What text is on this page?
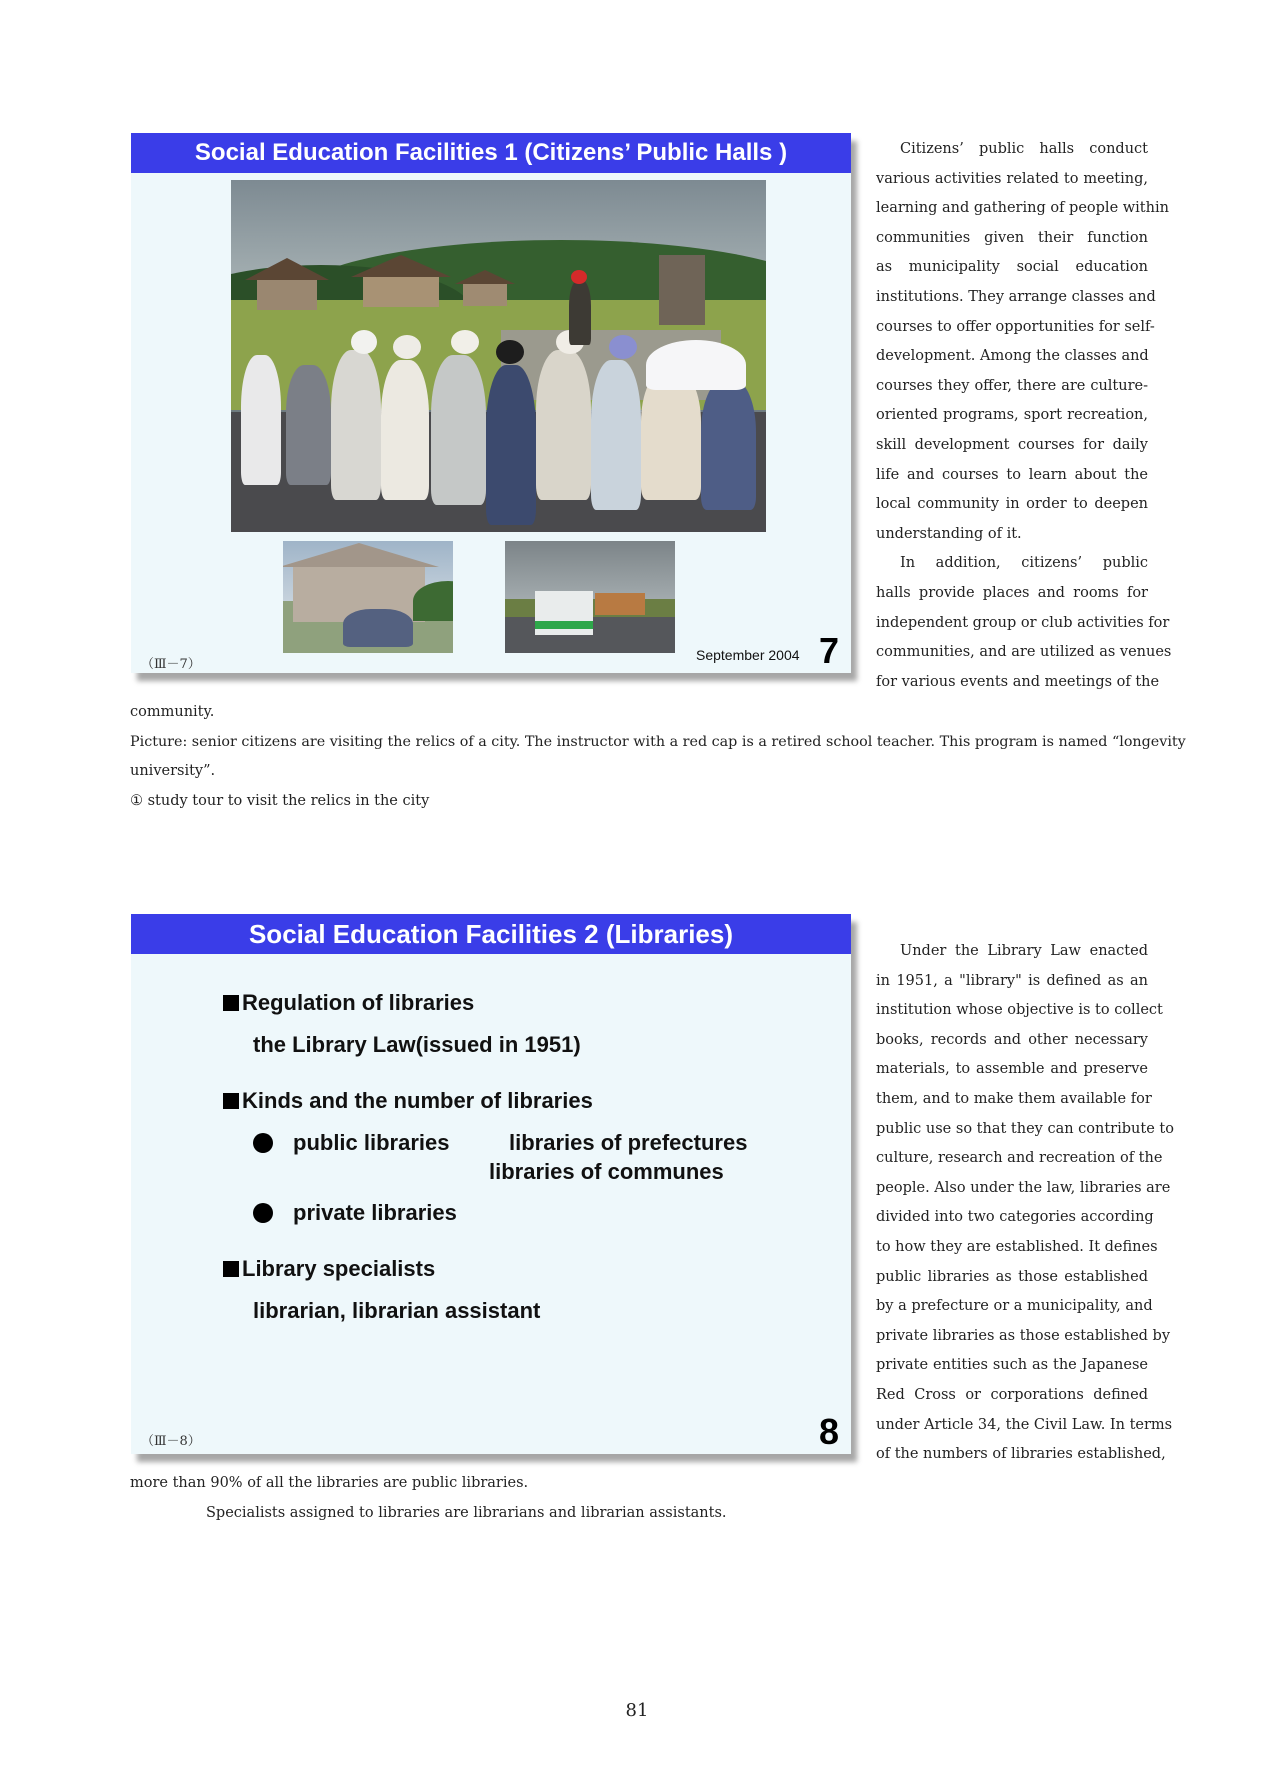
Social Education Facilities 1 (Citizens’ Public Halls )
（Ⅲ－7）
September 2004 7
Citizens’ public halls conduct
various activities related to meeting,
learning and gathering of people within
communities given their function
as municipality social education
institutions. They arrange classes and
courses to offer opportunities for self-
development. Among the classes and
courses they offer, there are culture-
oriented programs, sport recreation,
skill development courses for daily
life and courses to learn about the
local community in order to deepen
understanding of it.
In addition, citizens’ public
halls provide places and rooms for
independent group or club activities for
communities, and are utilized as venues
for various events and meetings of the
community.
Picture: senior citizens are visiting the relics of a city. The instructor with a red cap is a retired school teacher. This program is named “longevity
university”.
① study tour to visit the relics in the city
Social Education Facilities 2 (Libraries)
Regulation of libraries
the Library Law(issued in 1951)
Kinds and the number of libraries
public libraries	libraries of prefectures
libraries of communes
private libraries
Library specialists
librarian, librarian assistant
（Ⅲ－8）	8
Under the Library Law enacted
in 1951, a "library" is defined as an
institution whose objective is to collect
books, records and other necessary
materials, to assemble and preserve
them, and to make them available for
public use so that they can contribute to
culture, research and recreation of the
people. Also under the law, libraries are
divided into two categories according
to how they are established. It defines
public libraries as those established
by a prefecture or a municipality, and
private libraries as those established by
private entities such as the Japanese
Red Cross or corporations defined
under Article 34, the Civil Law. In terms
of the numbers of libraries established,
more than 90% of all the libraries are public libraries.
Specialists assigned to libraries are librarians and librarian assistants.
81
